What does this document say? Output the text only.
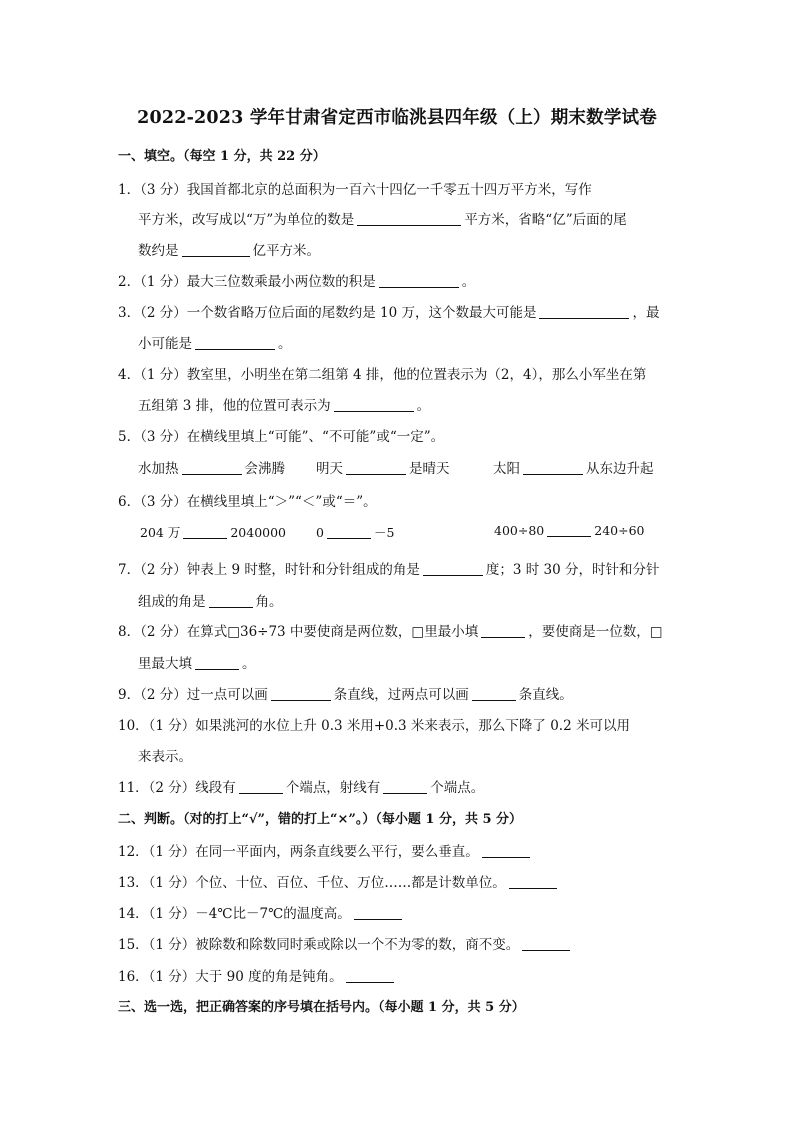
2022-2023 学年甘肃省定西市临洮县四年级（上）期末数学试卷
一、填空。（每空 1 分，共 22 分）
1．（3 分）我国首都北京的总面积为一百六十四亿一千零五十四万平方米，写作
平方米，改写成以“万”为单位的数是	平方米，省略“亿”后面的尾
数约是	亿平方米。
2．（1 分）最大三位数乘最小两位数的积是	。
3．（2 分）一个数省略万位后面的尾数约是 10 万，这个数最大可能是	，最
小可能是	。
4．（1 分）教室里，小明坐在第二组第 4 排，他的位置表示为（2，4），那么小军坐在第
五组第 3 排，他的位置可表示为	。
5．（3 分）在横线里填上“可能”、“不可能”或“一定”。
水加热	会沸腾 明天	是晴天	太阳	从东边升起
6．（3 分）在横线里填上“＞”“＜”或“＝”。
204 万	2040000 0	－5	400÷80	240÷60
7．（2 分）钟表上 9 时整，时针和分针组成的角是	度；3 时 30 分，时针和分针
组成的角是	角。
8．（2 分）在算式□36÷73 中要使商是两位数，□里最小填	，要使商是一位数，□
里最大填	。
9．（2 分）过一点可以画	条直线，过两点可以画	条直线。
10．（1 分）如果洮河的水位上升 0.3 米用+0.3 米来表示，那么下降了 0.2 米可以用
来表示。
11．（2 分）线段有	个端点，射线有	个端点。
二、判断。（对的打上“√”，错的打上“×”。）（每小题 1 分，共 5 分）
12．（1 分）在同一平面内，两条直线要么平行，要么垂直。
13．（1 分）个位、十位、百位、千位、万位……都是计数单位。
14．（1 分）－4℃比－7℃的温度高。
15．（1 分）被除数和除数同时乘或除以一个不为零的数，商不变。
16．（1 分）大于 90 度的角是钝角。
三、选一选，把正确答案的序号填在括号内。（每小题 1 分，共 5 分）
